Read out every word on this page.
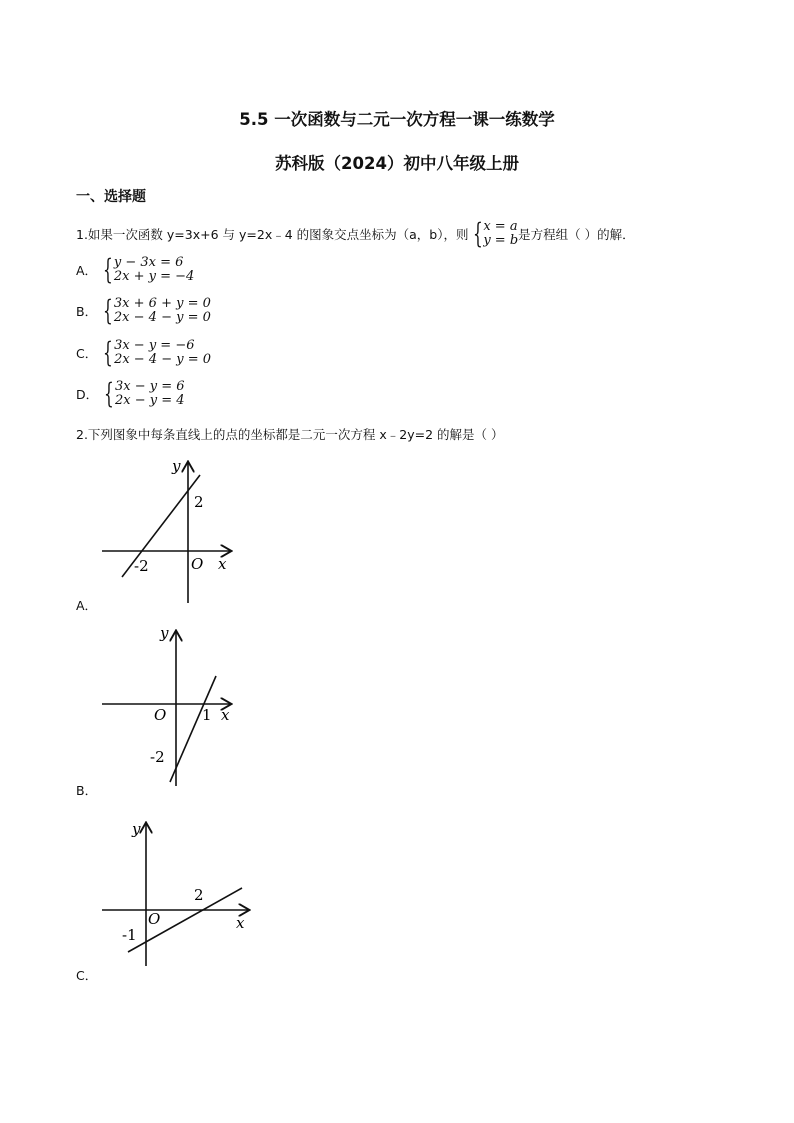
5.5 一次函数与二元一次方程一课一练数学
苏科版（2024）初中八年级上册
一、选择题
1.如果一次函数 y=3x+6 与 y=2x﹣4 的图象交点坐标为（a，b），则 { x = a
y = b 是方程组（ ）的解．
A． { y − 3x = 6
2x + y = −4
B． { 3x + 6 + y = 0
2x − 4 − y = 0
C． { 3x − y = −6
2x − 4 − y = 0
D． { 3x − y = 6
2x − y = 4
2.下列图象中每条直线上的点的坐标都是二元一次方程 x﹣2y=2 的解是（ ）
y
x
O
2
-2
A．
y
x
O 1
-2
B．
y
x
O
2
-1
C．
